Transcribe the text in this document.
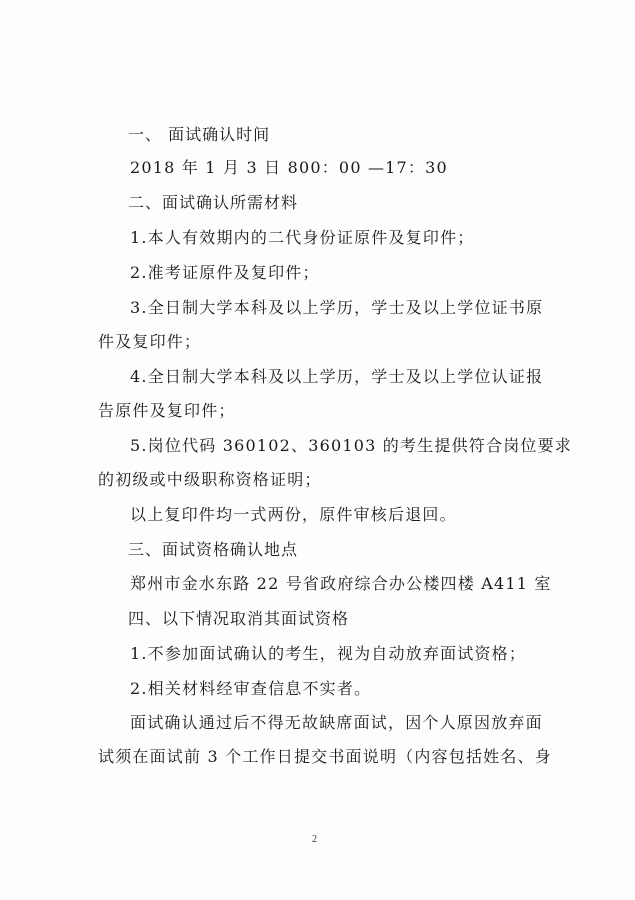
一、 面试确认时间
2018 年 1 月 3 日 800：00 —17：30
二、面试确认所需材料
1.本人有效期内的二代身份证原件及复印件；
2.准考证原件及复印件；
3.全日制大学本科及以上学历，学士及以上学位证书原
件及复印件；
4.全日制大学本科及以上学历，学士及以上学位认证报
告原件及复印件；
5.岗位代码 360102、360103 的考生提供符合岗位要求
的初级或中级职称资格证明；
以上复印件均一式两份，原件审核后退回。
三、面试资格确认地点
郑州市金水东路 22 号省政府综合办公楼四楼 A411 室
四、以下情况取消其面试资格
1.不参加面试确认的考生，视为自动放弃面试资格；
2.相关材料经审查信息不实者。
面试确认通过后不得无故缺席面试，因个人原因放弃面
试须在面试前 3 个工作日提交书面说明（内容包括姓名、身
2
